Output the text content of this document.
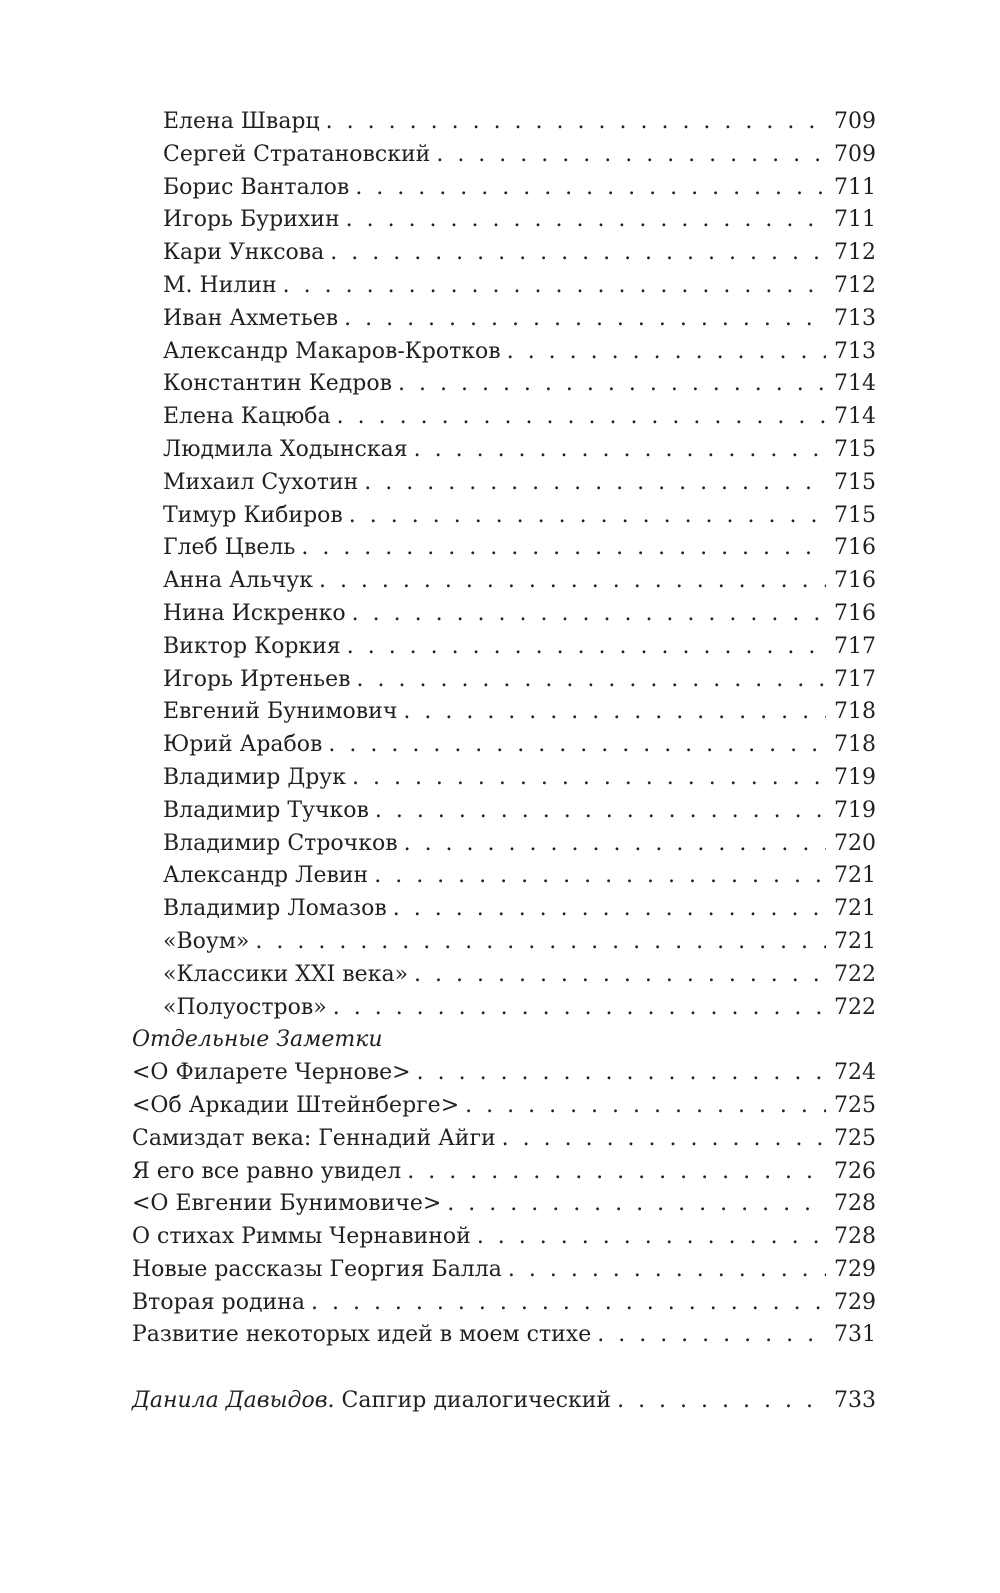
Елена Шварц . . .	709
Сергей Стратановский . . .	709
Борис Ванталов . . .	711
Игорь Бурихин . . .	711
Кари Унксова . . .	712
М. Нилин . . .	712
Иван Ахметьев . . .	713
Александр Макаров-Кротков . . .	713
Константин Кедров . . .	714
Елена Кацюба . . .	714
Людмила Ходынская . . .	715
Михаил Сухотин . . .	715
Тимур Кибиров . . .	715
Глеб Цвель . . .	716
Анна Альчук . . .	716
Нина Искренко . . .	716
Виктор Коркия . . .	717
Игорь Иртеньев . . .	717
Евгений Бунимович . . .	718
Юрий Арабов . . .	718
Владимир Друк . . .	719
Владимир Тучков . . .	719
Владимир Строчков . . .	720
Александр Левин . . .	721
Владимир Ломазов . . .	721
«Воум» . . .	721
«Классики XXI века» . . .	722
«Полуостров» . . .	722
Отдельные Заметки
<О Филарете Чернове> . . .	724
<Об Аркадии Штейнберге> . . .	725
Самиздат века: Геннадий Айги . . .	725
Я его все равно увидел . . .	726
<О Евгении Бунимовиче> . . .	728
О стихах Риммы Чернавиной . . .	728
Новые рассказы Георгия Балла . . .	729
Вторая родина . . .	729
Развитие некоторых идей в моем стихе . . .	731
Данила Давыдов. Сапгир диалогический . . .	733
